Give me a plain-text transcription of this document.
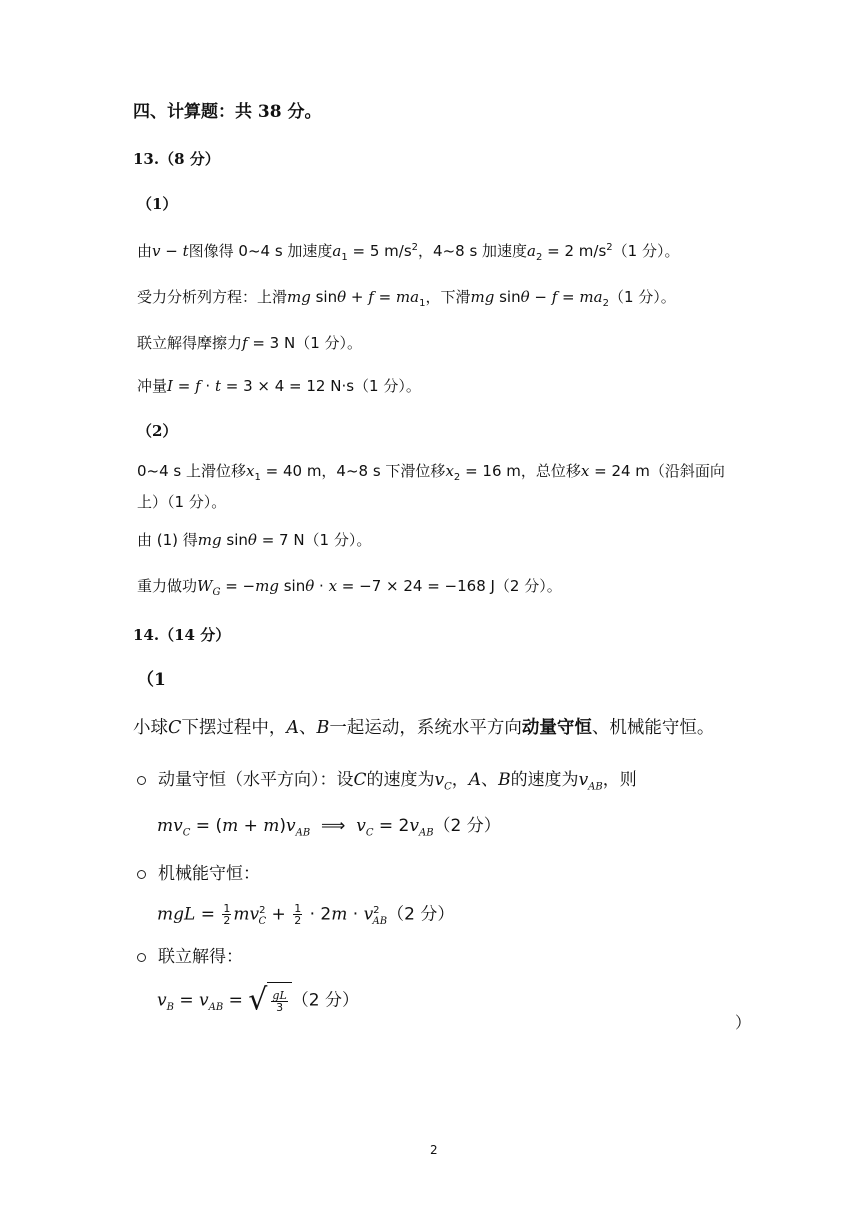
四、计算题：共 38 分。
13.（8 分）
（1）
由v − t图像得 0~4 s 加速度$a_1 = 5$ $m/s^2$，4~8 s 加速度$a_2 = 2$ $m/s^2(1$ 分）。
受力分析列方程：上滑mg $\sin\theta + f = ma_1$，下滑mg $\sin\theta - f = ma_2(1$ 分）。
联立解得摩擦力f = 3 N（1 分）。
冲量I = f · t = 3 × 4 = 12 N·s（1 分）。
（2）
0~4 s 上滑位移$x_1 = 40$ m，4~8 s 下滑位移$x_2 = 16$ m，总位移x = 24 m（沿斜面向
上）（1 分）。
由 (1) 得mg sinθ = 7 N（1 分）。
重力做功$W_G = -mg$ sinθ · x = −7 × 24 = −168 J（2 分）。
14.（14 分）
（1
小球C下摆过程中，A、B一起运动，系统水平方向动量守恒、机械能守恒。
动量守恒（水平方向）：设C的速度为$v_C$，A、B的速度为$v_{AB}$，则
$mv_C = (m + m)v_{AB}$  ⟹  $v_C = 2v_{AB}(2$ 分）
机械能守恒：
mgL = $\frac{1}{2} mv^2_C + \frac{1}{2} \cdot 2m \cdot v^2_{AB}(2$ 分）
联立解得：
$v_B = v_{AB}$ = √ $\frac{gL}{3} (2$ 分）
）
2
